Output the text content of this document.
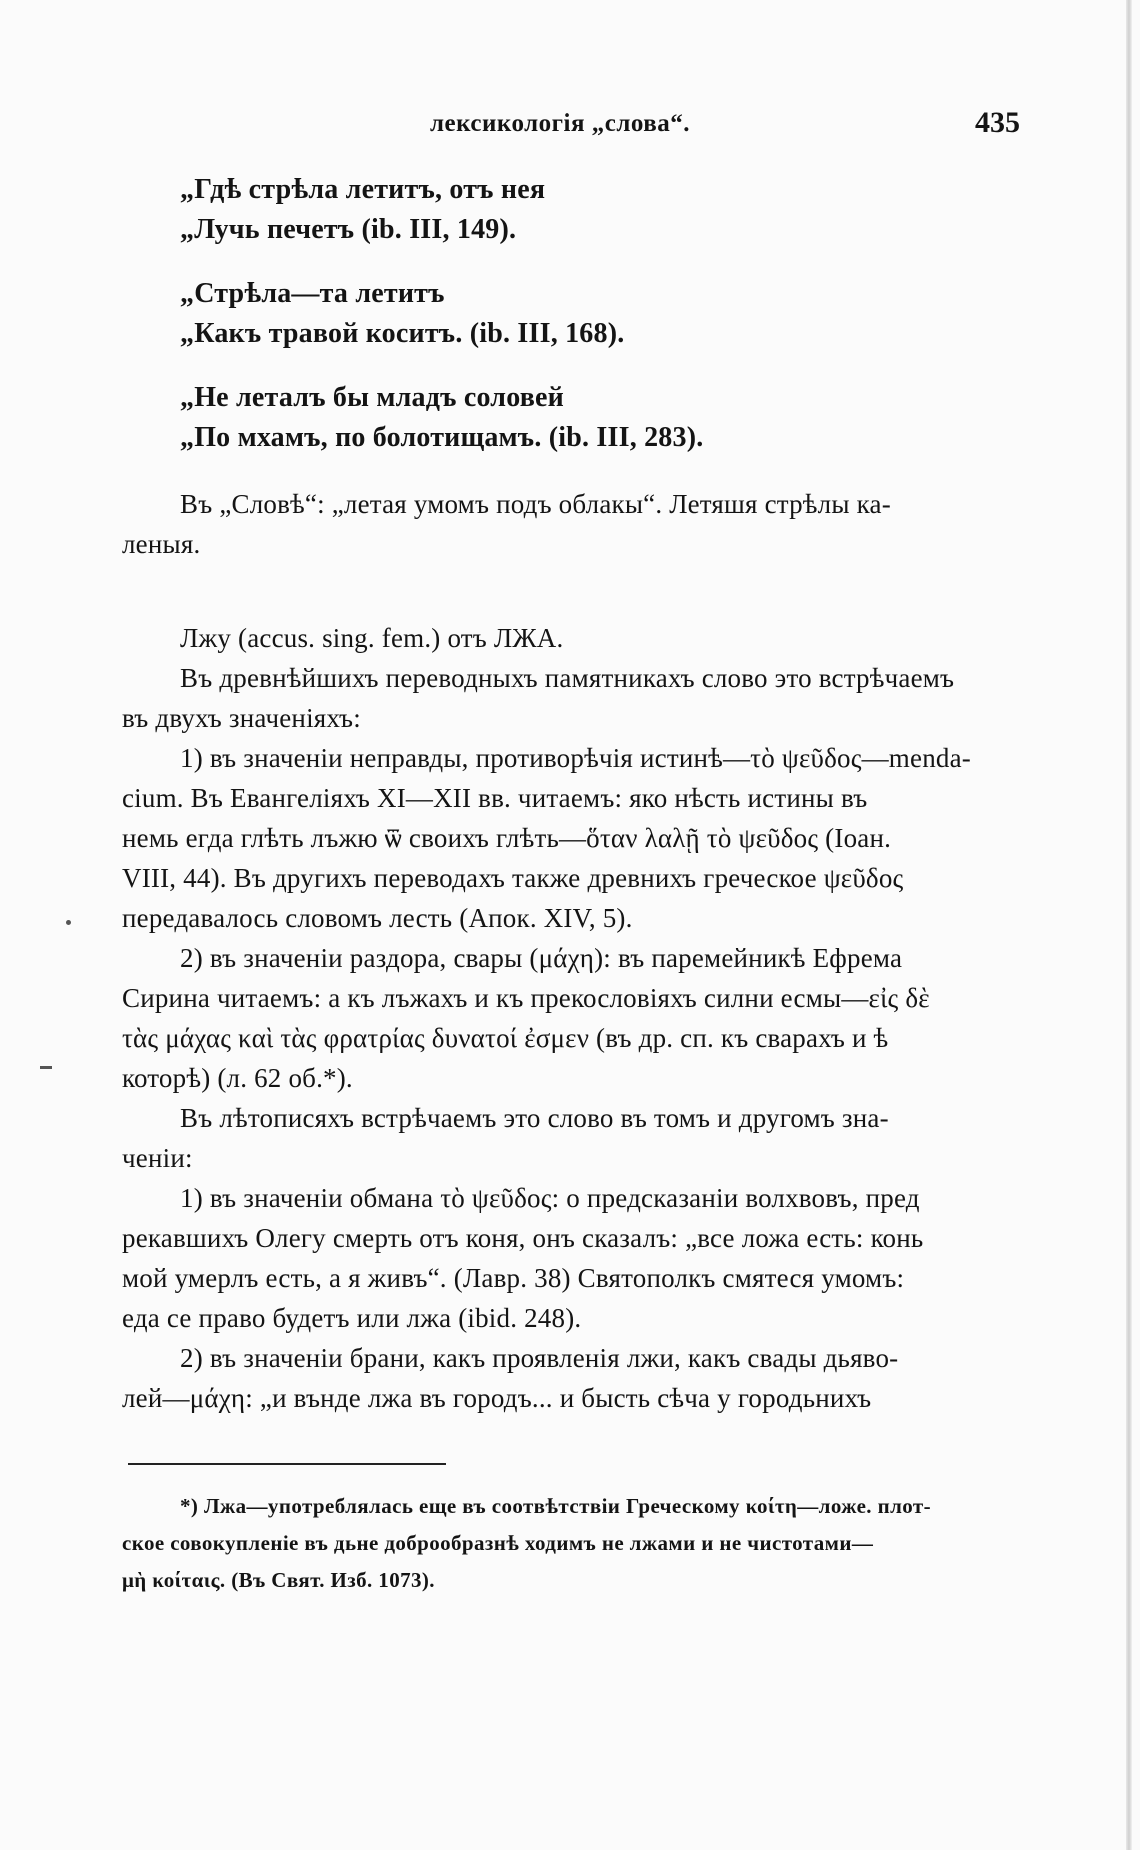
лексикологія „слова“.	435
„Гдѣ стрѣла летитъ, отъ нея
„Лучь печетъ (ib. III, 149).
„Стрѣла—та летитъ
„Какъ травой коситъ. (ib. III, 168).
„Не леталъ бы младъ соловей
„По мхамъ, по болотищамъ. (ib. III, 283).
Въ „Словѣ“: „летая умомъ подъ облакы“. Летяшя стрѣлы ка-
леныя.
Лжу (accus. sing. fem.) отъ ЛЖА.
Въ древнѣйшихъ переводныхъ памятникахъ слово это встрѣчаемъ
въ двухъ значеніяхъ:
1) въ значеніи неправды, противорѣчія истинѣ—τὸ ψεῦδος—menda-
cium. Въ Евангеліяхъ XI—XII вв. читаемъ: яко нѣсть истины въ
немь егда глѣть лъжю ѿ своихъ глѣть—ὅταν λαλῇ τὸ ψεῦδος (Іоан.
VIII, 44). Въ другихъ переводахъ также древнихъ греческое ψεῦδος
передавалось словомъ лесть (Апок. XIV, 5).
2) въ значеніи раздора, свары (μάχη): въ паремейникѣ Ефрема
Сирина читаемъ: а къ лъжахъ и къ прекословіяхъ силни есмы—εἰς δὲ
τὰς μάχας καὶ τὰς φρατρίας δυνατοί ἐσμεν (въ др. сп. къ сварахъ и ѣ
которѣ) (л. 62 об.*).
Въ лѣтописяхъ встрѣчаемъ это слово въ томъ и другомъ зна-
ченіи:
1) въ значеніи обмана τὸ ψεῦδος: о предсказаніи волхвовъ, пред
рекавшихъ Олегу смерть отъ коня, онъ сказалъ: „все ложа есть: конь
мой умерлъ есть, а я живъ“. (Лавр. 38) Святополкъ смятеся умомъ:
еда се право будетъ или лжа (ibid. 248).
2) въ значеніи брани, какъ проявленія лжи, какъ свады дьяво-
лей—μάχη: „и вънде лжа въ городъ... и бысть сѣча у городьнихъ
*) Лжа—употреблялась еще въ соотвѣтствіи Греческому κοίτη—ложе. плот-
ское совокупленіе въ дьне доброобразнѣ ходимъ не лжами и не чистотами—
μὴ κοίταις. (Въ Свят. Изб. 1073).
